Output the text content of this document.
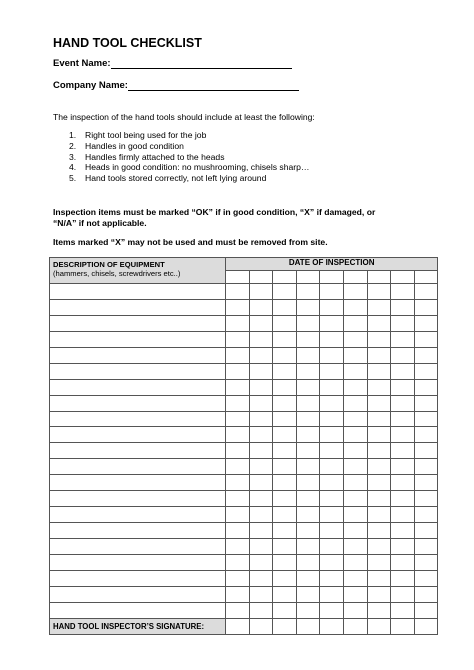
HAND TOOL CHECKLIST
Event Name:
Company Name:
The inspection of the hand tools should include at least the following:
1. Right tool being used for the job
2. Handles in good condition
3. Handles firmly attached to the heads
4. Heads in good condition: no mushrooming, chisels sharp…
5. Hand tools stored correctly, not left lying around
Inspection items must be marked “OK” if in good condition, “X” if damaged, or
“N/A” if not applicable.
Items marked “X” may not be used and must be removed from site.
DESCRIPTION OF EQUIPMENT
(hammers, chisels, screwdrivers etc..)	DATE OF INSPECTION								

HAND TOOL INSPECTOR’S SIGNATURE:									
